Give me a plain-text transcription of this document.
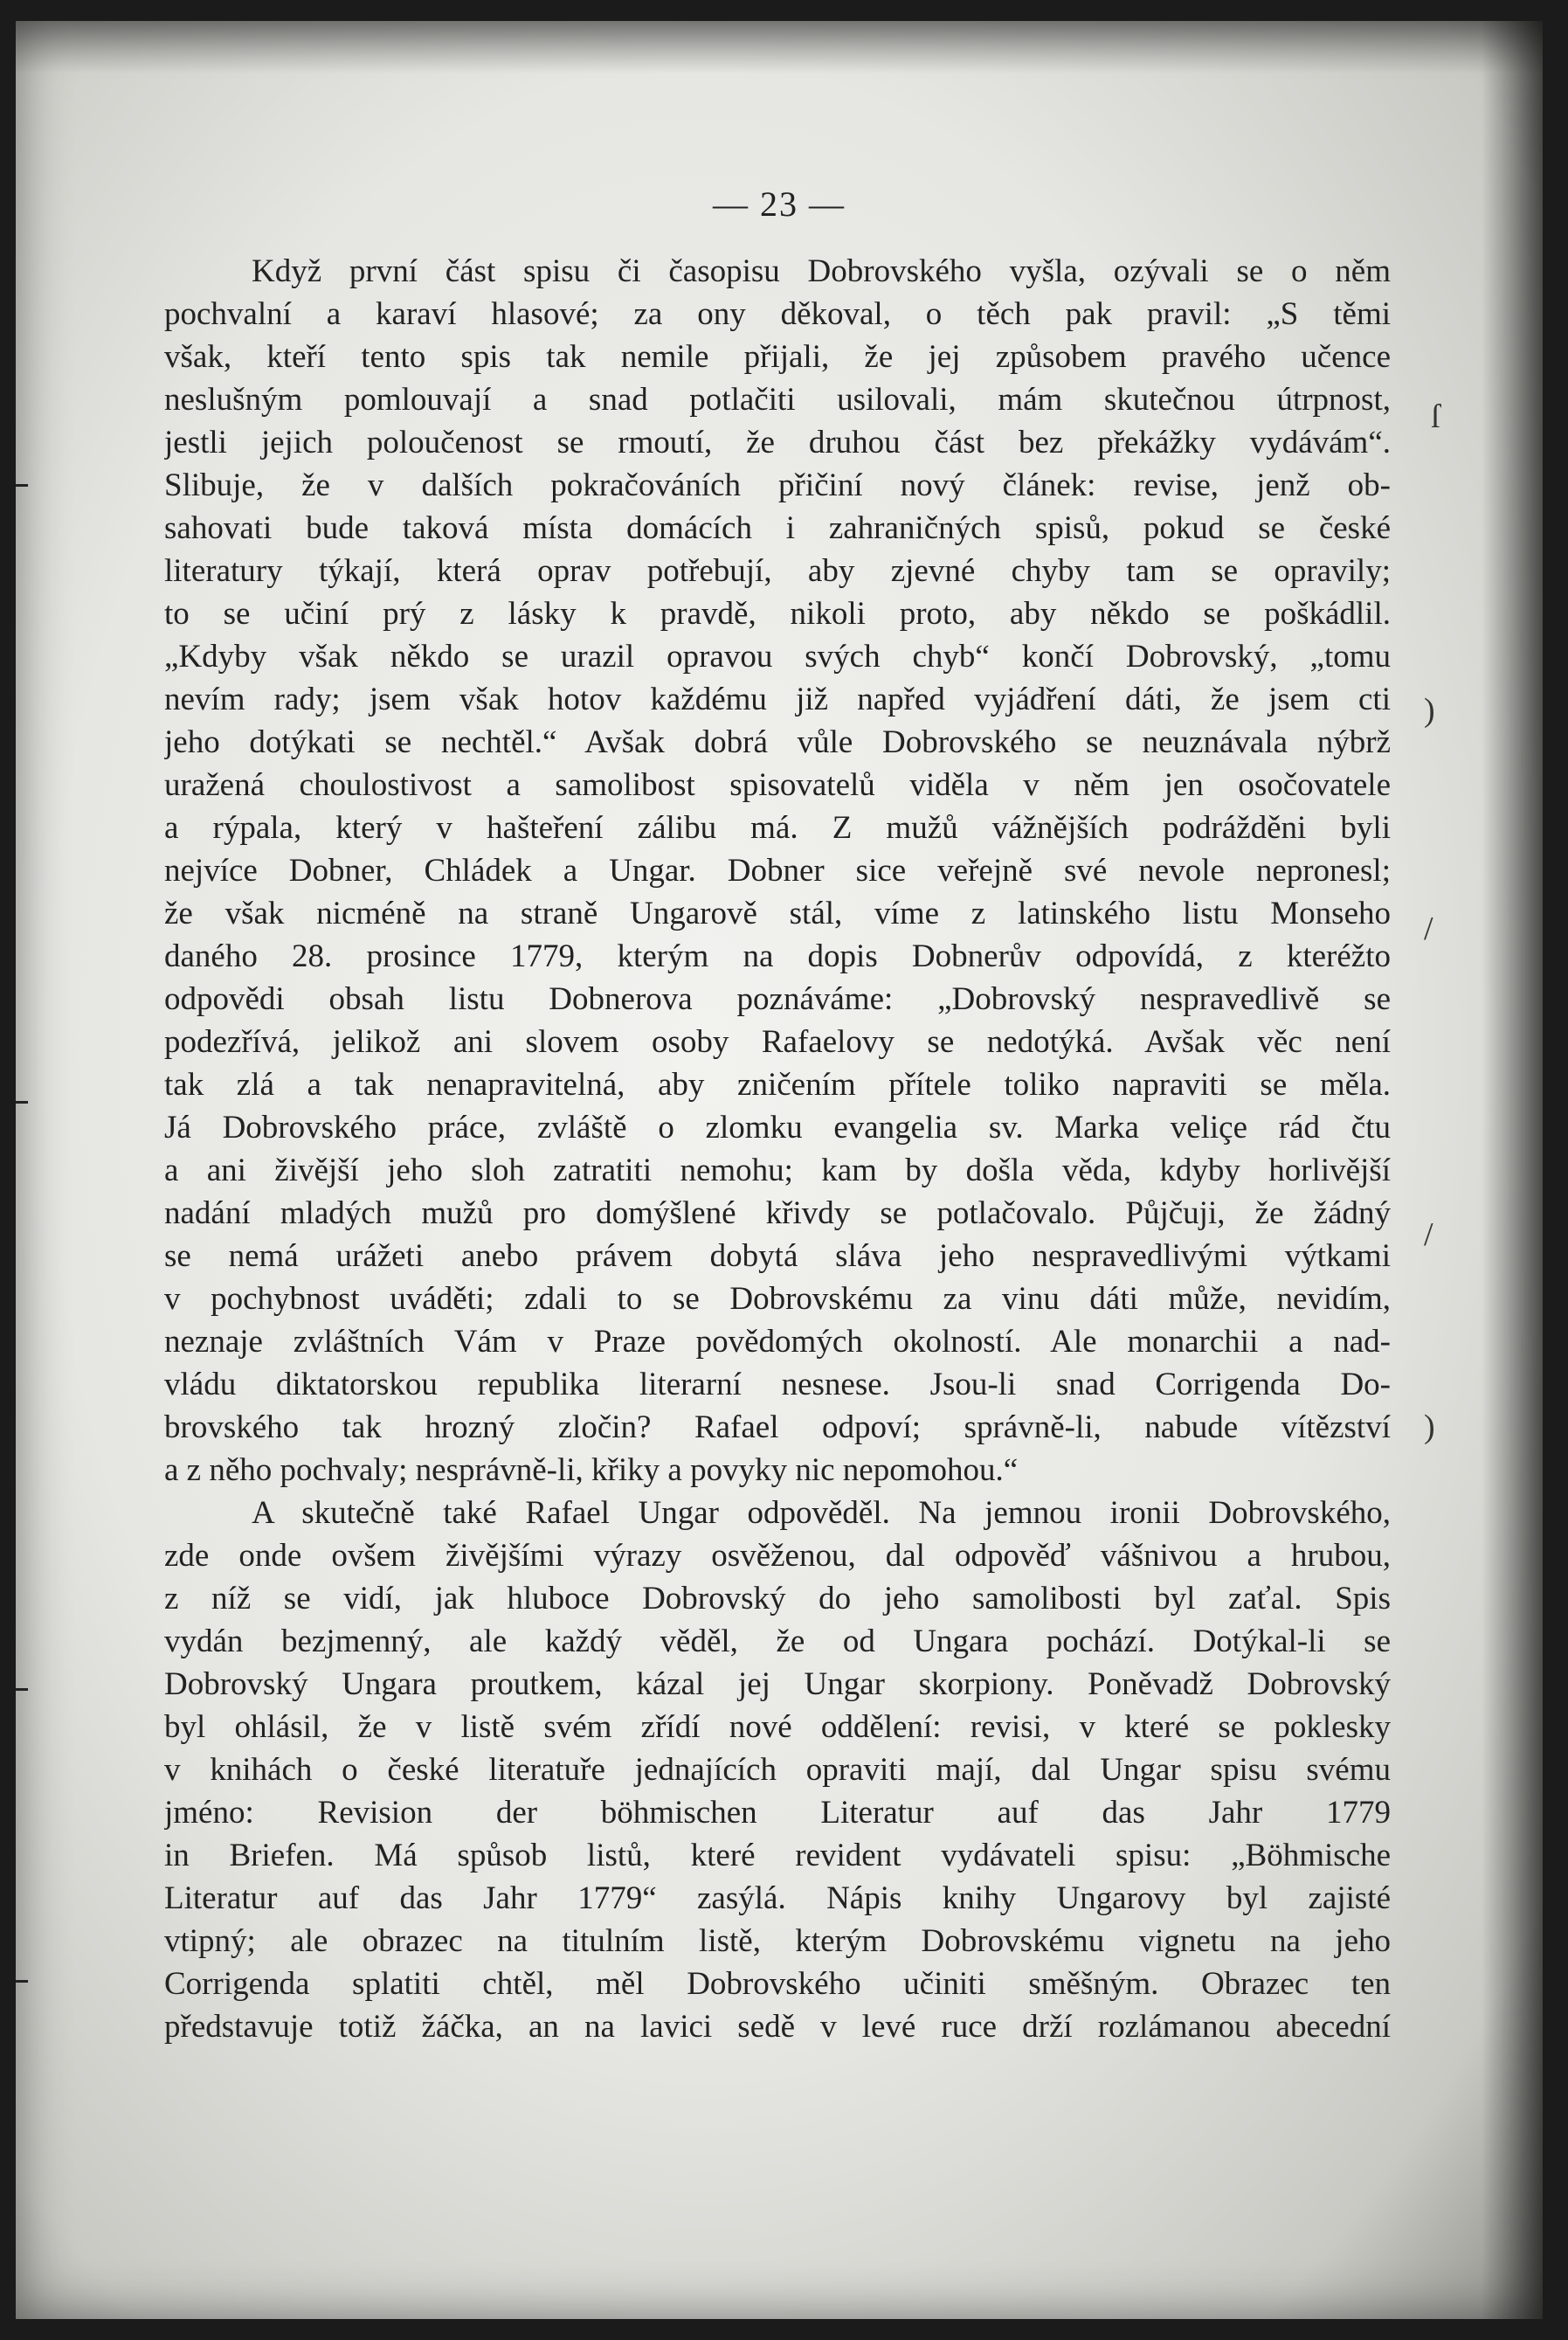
ſ
)
/
/
)
— 23 —
Když první část spisu či časopisu Dobrovského vyšla, ozývali se o něm
pochvalní a karaví hlasové; za ony děkoval, o těch pak pravil: „S těmi
však, kteří tento spis tak nemile přijali, že jej způsobem pravého učence
neslušným pomlouvají a snad potlačiti usilovali, mám skutečnou útrpnost,
jestli jejich poloučenost se rmoutí, že druhou část bez překážky vydávám“.
Slibuje, že v dalších pokračováních přičiní nový článek: revise, jenž ob-
sahovati bude taková místa domácích i zahraničných spisů, pokud se české
literatury týkají, která oprav potřebují, aby zjevné chyby tam se opravily;
to se učiní prý z lásky k pravdě, nikoli proto, aby někdo se poškádlil.
„Kdyby však někdo se urazil opravou svých chyb“ končí Dobrovský, „tomu
nevím rady; jsem však hotov každému již napřed vyjádření dáti, že jsem cti
jeho dotýkati se nechtěl.“ Avšak dobrá vůle Dobrovského se neuznávala nýbrž
uražená choulostivost a samolibost spisovatelů viděla v něm jen osočovatele
a rýpala, který v hašteření zálibu má. Z mužů vážnějších podrážděni byli
nejvíce Dobner, Chládek a Ungar. Dobner sice veřejně své nevole nepronesl;
že však nicméně na straně Ungarově stál, víme z latinského listu Monseho
daného 28. prosince 1779, kterým na dopis Dobnerův odpovídá, z kteréžto
odpovědi obsah listu Dobnerova poznáváme: „Dobrovský nespravedlivě se
podezřívá, jelikož ani slovem osoby Rafaelovy se nedotýká. Avšak věc není
tak zlá a tak nenapravitelná, aby zničením přítele toliko napraviti se měla.
Já Dobrovského práce, zvláště o zlomku evangelia sv. Marka veliçe rád čtu
a ani živější jeho sloh zatratiti nemohu; kam by došla věda, kdyby horlivější
nadání mladých mužů pro domýšlené křivdy se potlačovalo. Půjčuji, že žádný
se nemá urážeti anebo právem dobytá sláva jeho nespravedlivými výtkami
v pochybnost uváděti; zdali to se Dobrovskému za vinu dáti může, nevidím,
neznaje zvláštních Vám v Praze povědomých okolností. Ale monarchii a nad-
vládu diktatorskou republika literarní nesnese. Jsou-li snad Corrigenda Do-
brovského tak hrozný zločin? Rafael odpoví; správně-li, nabude vítězství
a z něho pochvaly; nesprávně-li, křiky a povyky nic nepomohou.“
A skutečně také Rafael Ungar odpověděl. Na jemnou ironii Dobrovského,
zde onde ovšem živějšími výrazy osvěženou, dal odpověď vášnivou a hrubou,
z níž se vidí, jak hluboce Dobrovský do jeho samolibosti byl zaťal. Spis
vydán bezjmenný, ale každý věděl, že od Ungara pochází. Dotýkal-li se
Dobrovský Ungara proutkem, kázal jej Ungar skorpiony. Poněvadž Dobrovský
byl ohlásil, že v listě svém zřídí nové oddělení: revisi, v které se poklesky
v knihách o české literatuře jednajících opraviti mají, dal Ungar spisu svému
jméno: Revision der böhmischen Literatur auf das Jahr 1779
in Briefen. Má spůsob listů, které revident vydávateli spisu: „Böhmische
Literatur auf das Jahr 1779“ zasýlá. Nápis knihy Ungarovy byl zajisté
vtipný; ale obrazec na titulním listě, kterým Dobrovskému vignetu na jeho
Corrigenda splatiti chtěl, měl Dobrovského učiniti směšným. Obrazec ten
představuje totiž žáčka, an na lavici sedě v levé ruce drží rozlámanou abecední
